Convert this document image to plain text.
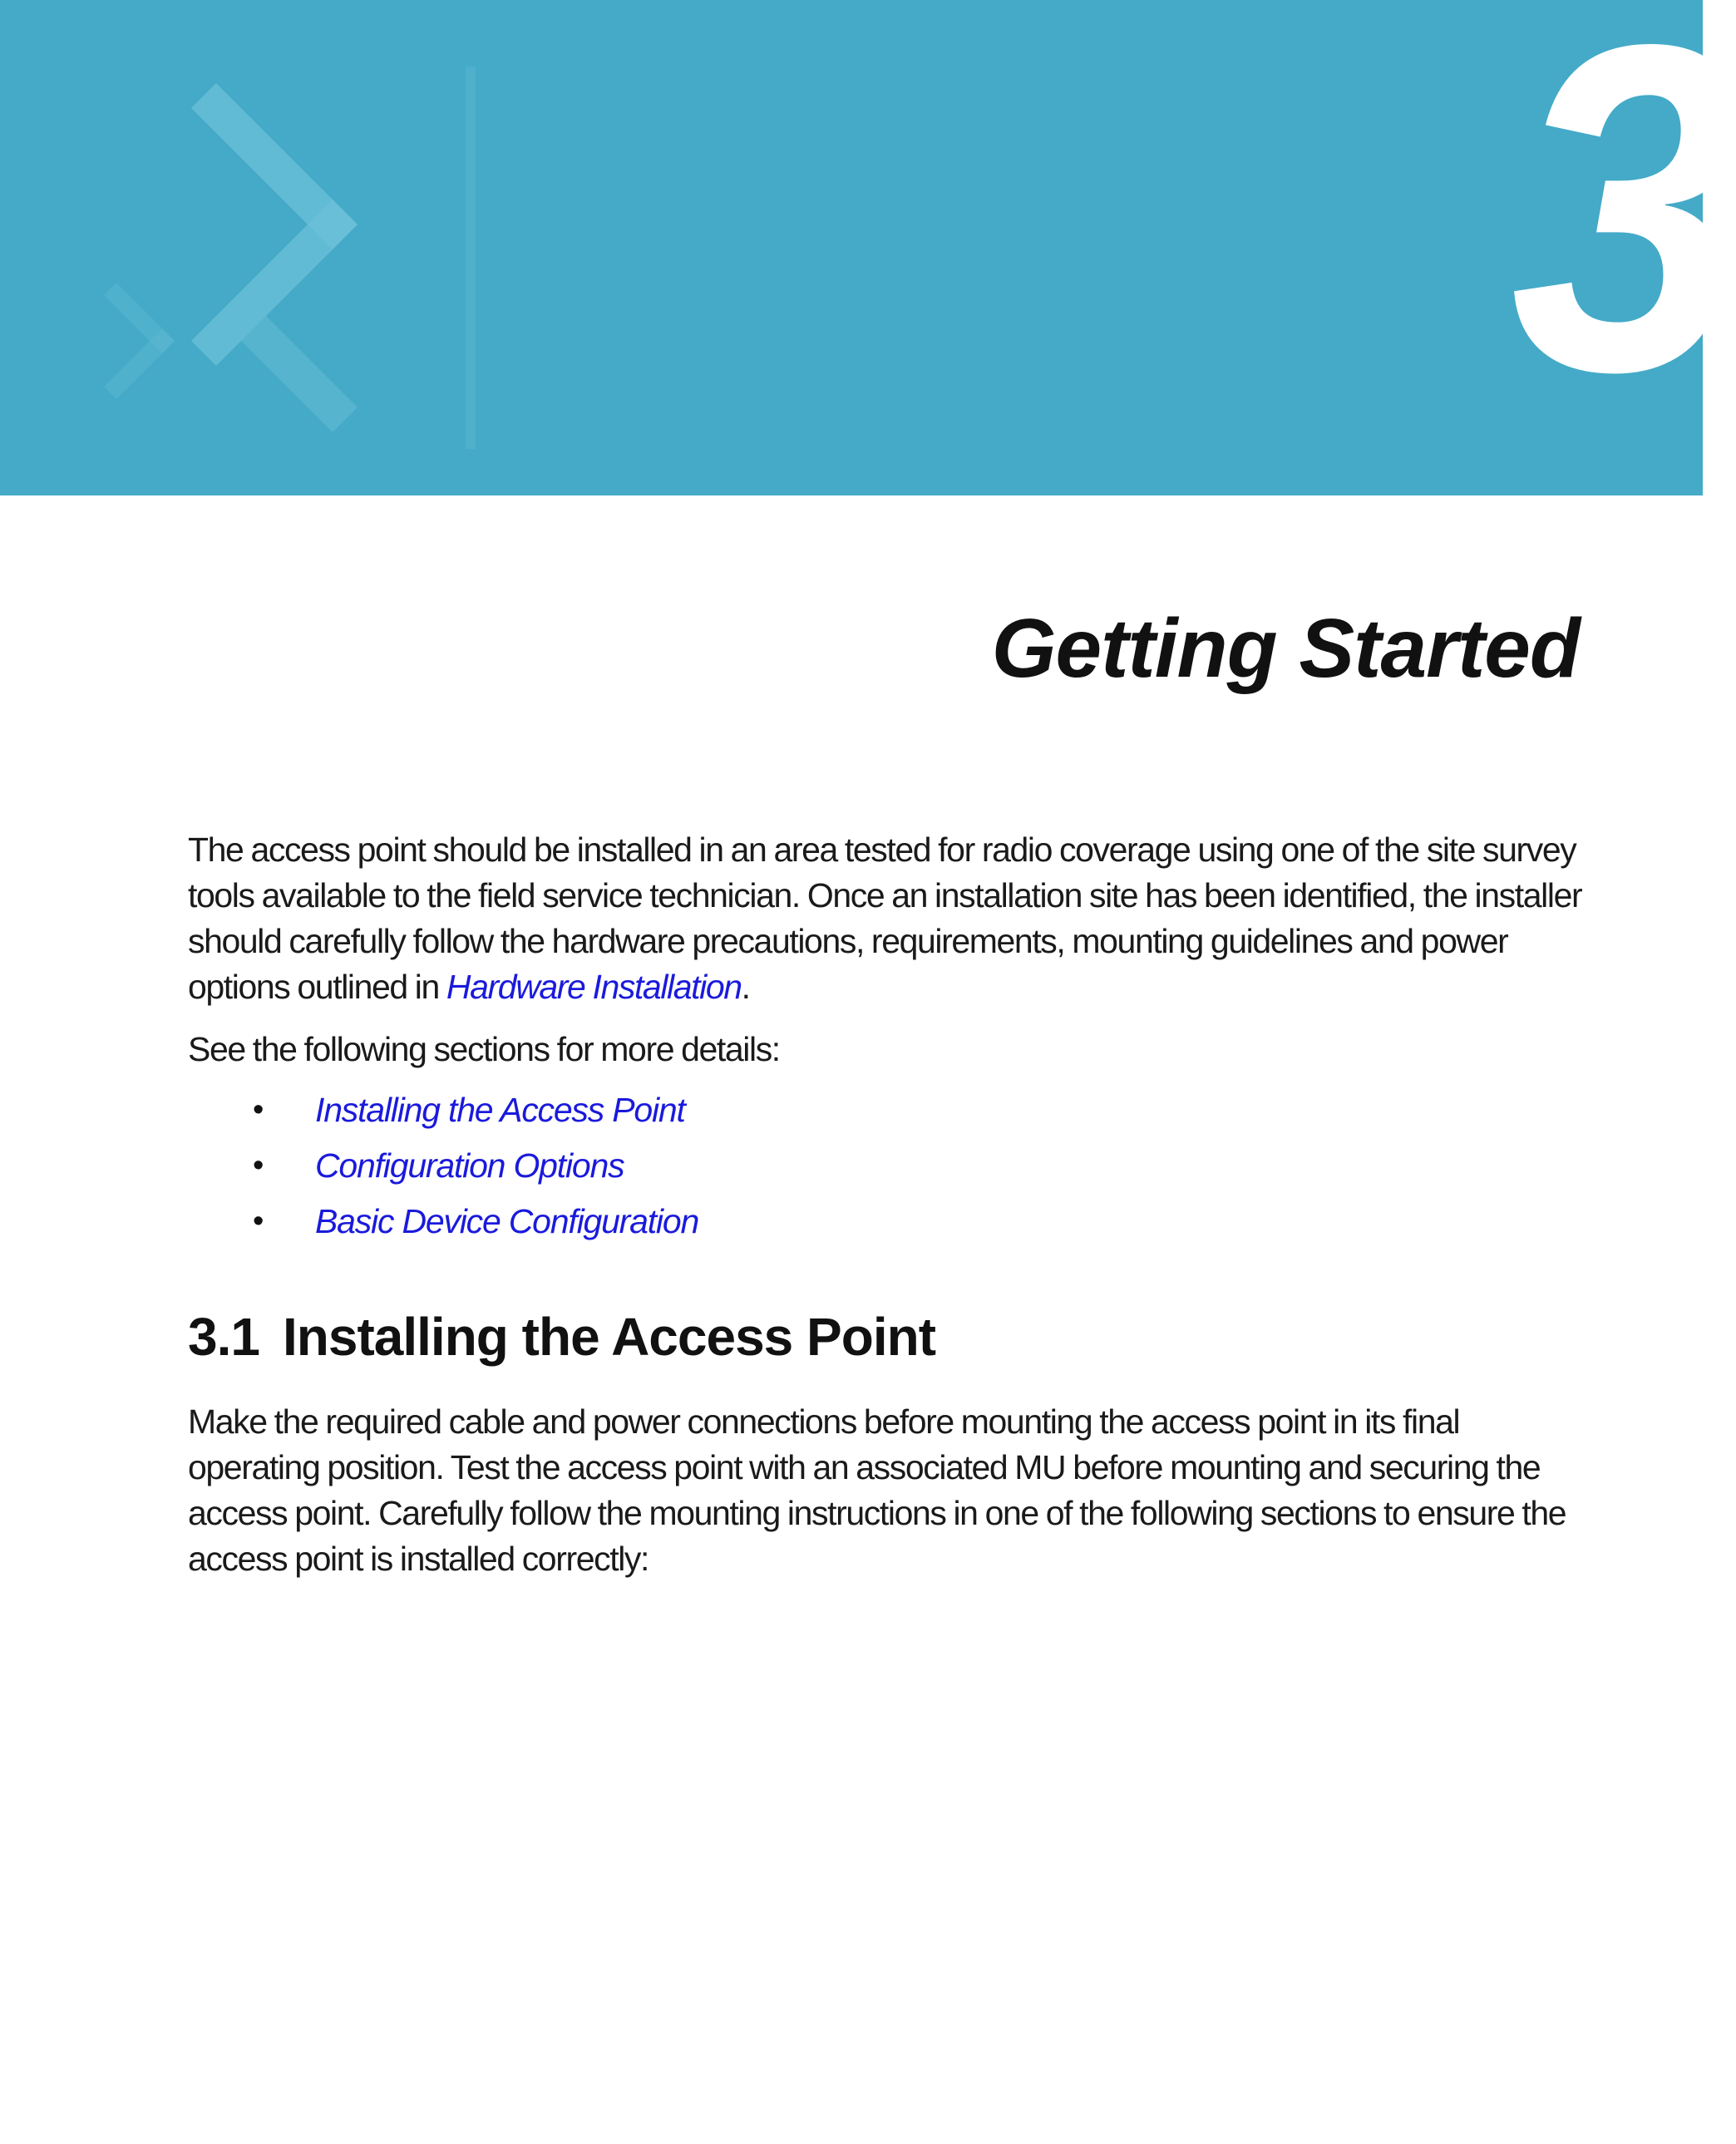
3
Getting Started

The access point should be installed in an area tested for radio coverage using one of the site survey tools available to the field service technician. Once an installation site has been identified, the installer should carefully follow the hardware precautions, requirements, mounting guidelines and power options outlined in Hardware Installation.

See the following sections for more details:

• Installing the Access Point
• Configuration Options
• Basic Device Configuration
3.1 Installing the Access Point

Make the required cable and power connections before mounting the access point in its final operating position. Test the access point with an associated MU before mounting and securing the access point. Carefully follow the mounting instructions in one of the following sections to ensure the access point is installed correctly:
